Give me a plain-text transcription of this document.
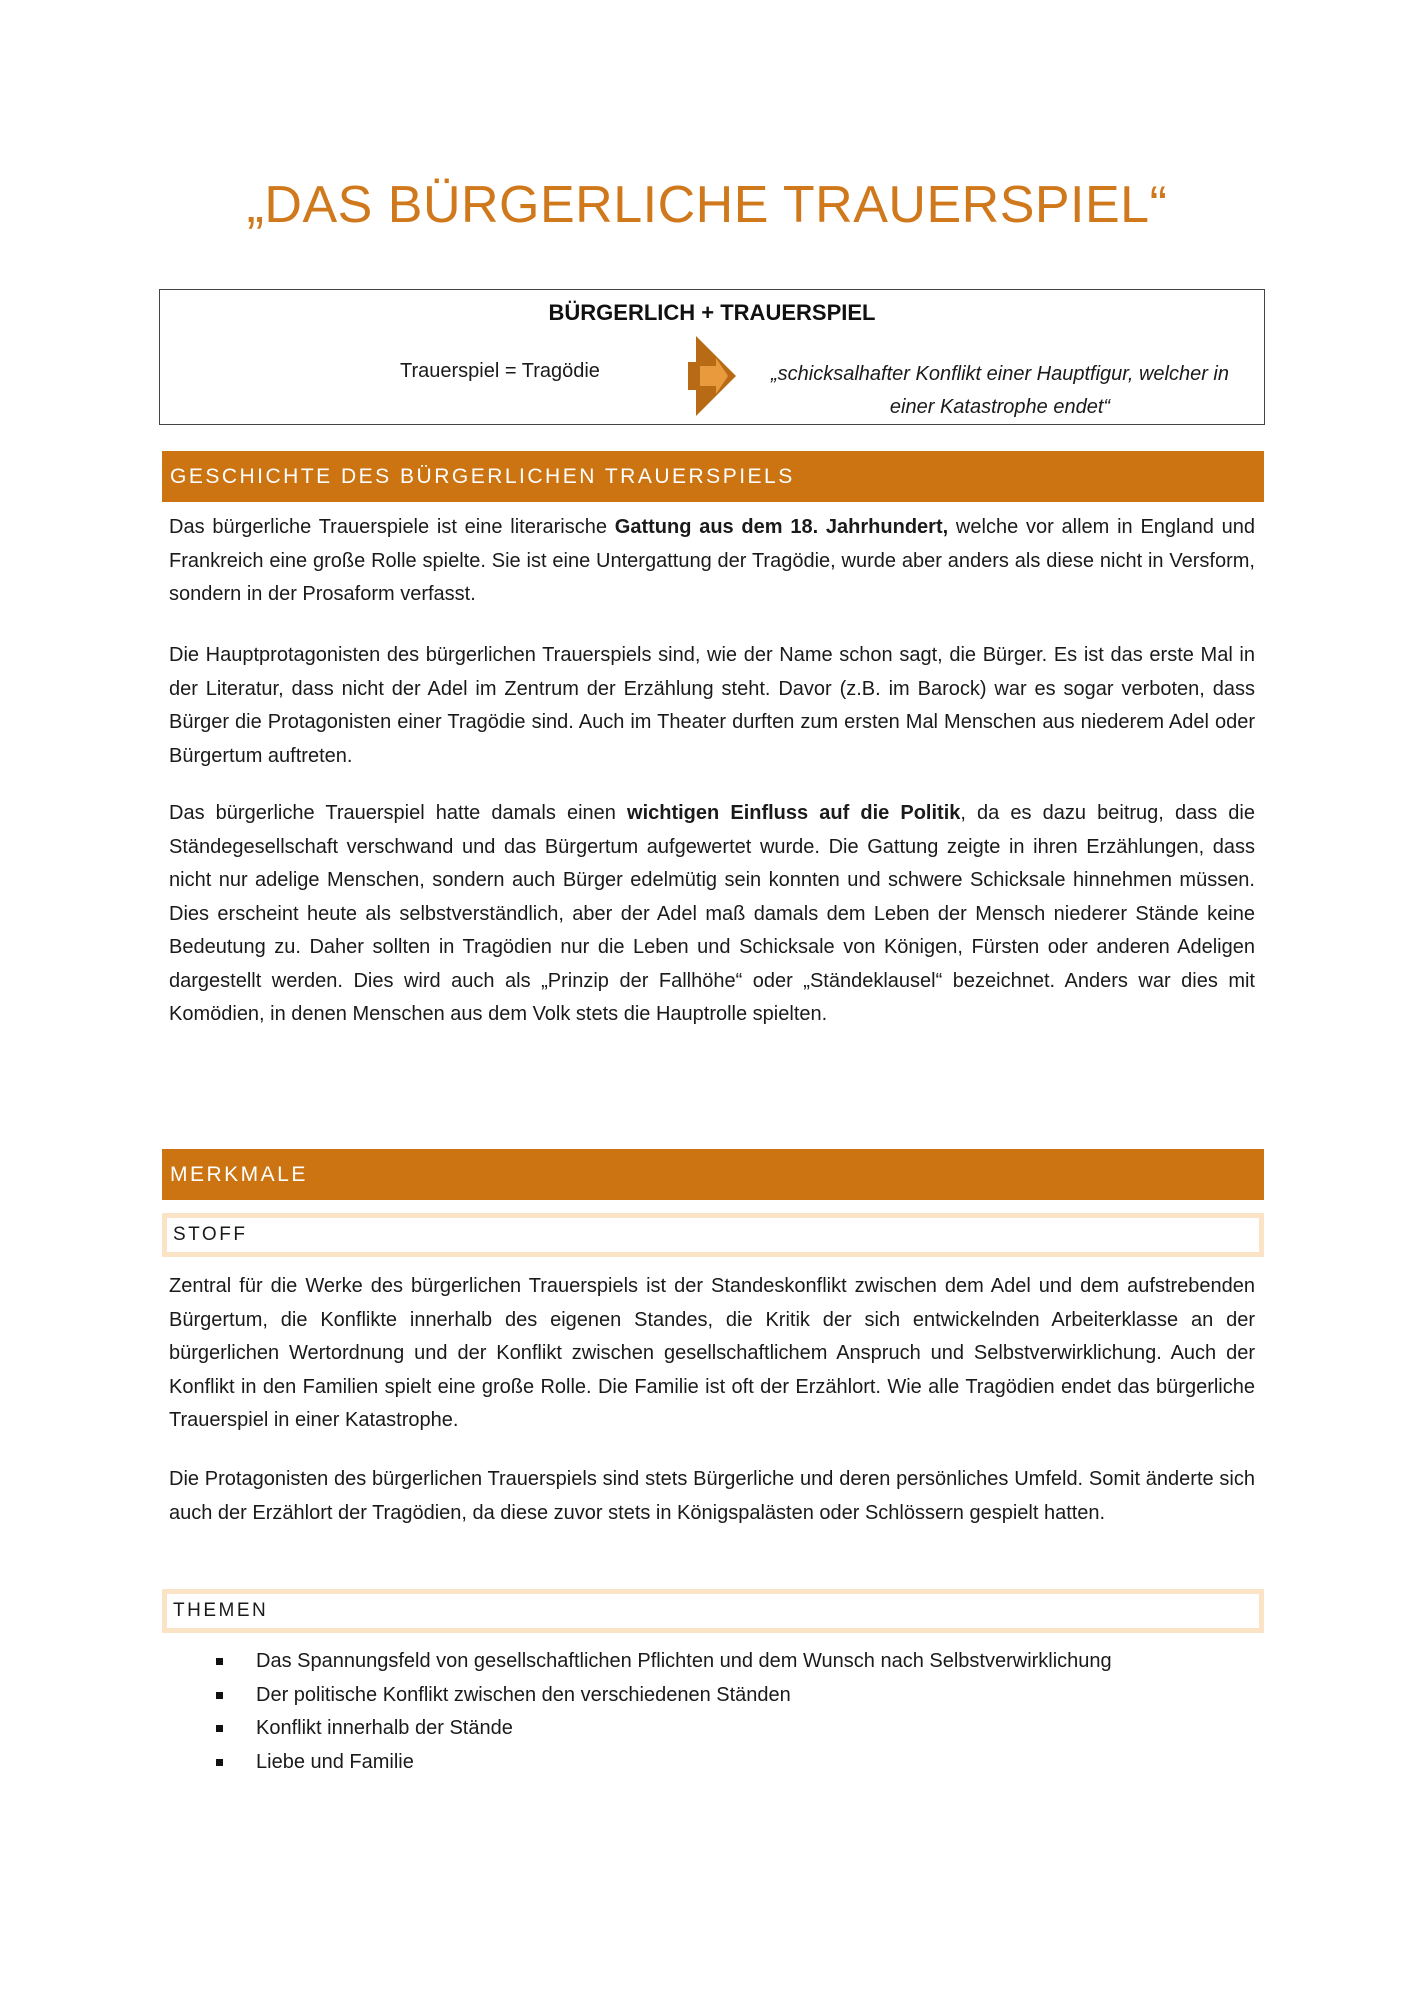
„DAS BÜRGERLICHE TRAUERSPIEL“
BÜRGERLICH + TRAUERSPIEL
Trauerspiel = Tragödie	„schicksalhafter Konflikt einer Hauptfigur, welcher in einer Katastrophe endet“
GESCHICHTE DES BÜRGERLICHEN TRAUERSPIELS

Das bürgerliche Trauerspiele ist eine literarische Gattung aus dem 18. Jahrhundert, welche vor allem in England und Frankreich eine große Rolle spielte. Sie ist eine Untergattung der Tragödie, wurde aber anders als diese nicht in Versform, sondern in der Prosaform verfasst.

Die Hauptprotagonisten des bürgerlichen Trauerspiels sind, wie der Name schon sagt, die Bürger. Es ist das erste Mal in der Literatur, dass nicht der Adel im Zentrum der Erzählung steht. Davor (z.B. im Barock) war es sogar verboten, dass Bürger die Protagonisten einer Tragödie sind. Auch im Theater durften zum ersten Mal Menschen aus niederem Adel oder Bürgertum auftreten.

Das bürgerliche Trauerspiel hatte damals einen wichtigen Einfluss auf die Politik, da es dazu beitrug, dass die Ständegesellschaft verschwand und das Bürgertum aufgewertet wurde. Die Gattung zeigte in ihren Erzählungen, dass nicht nur adelige Menschen, sondern auch Bürger edelmütig sein konnten und schwere Schicksale hinnehmen müssen. Dies erscheint heute als selbstverständlich, aber der Adel maß damals dem Leben der Mensch niederer Stände keine Bedeutung zu. Daher sollten in Tragödien nur die Leben und Schicksale von Königen, Fürsten oder anderen Adeligen dargestellt werden. Dies wird auch als „Prinzip der Fallhöhe“ oder „Ständeklausel“ bezeichnet. Anders war dies mit Komödien, in denen Menschen aus dem Volk stets die Hauptrolle spielten.

MERKMALE
STOFF

Zentral für die Werke des bürgerlichen Trauerspiels ist der Standeskonflikt zwischen dem Adel und dem aufstrebenden Bürgertum, die Konflikte innerhalb des eigenen Standes, die Kritik der sich entwickelnden Arbeiterklasse an der bürgerlichen Wertordnung und der Konflikt zwischen gesellschaftlichem Anspruch und Selbstverwirklichung. Auch der Konflikt in den Familien spielt eine große Rolle. Die Familie ist oft der Erzählort. Wie alle Tragödien endet das bürgerliche Trauerspiel in einer Katastrophe.

Die Protagonisten des bürgerlichen Trauerspiels sind stets Bürgerliche und deren persönliches Umfeld. Somit änderte sich auch der Erzählort der Tragödien, da diese zuvor stets in Königspalästen oder Schlössern gespielt hatten.

THEMEN
Das Spannungsfeld von gesellschaftlichen Pflichten und dem Wunsch nach Selbstverwirklichung
Der politische Konflikt zwischen den verschiedenen Ständen
Konflikt innerhalb der Stände
Liebe und Familie
